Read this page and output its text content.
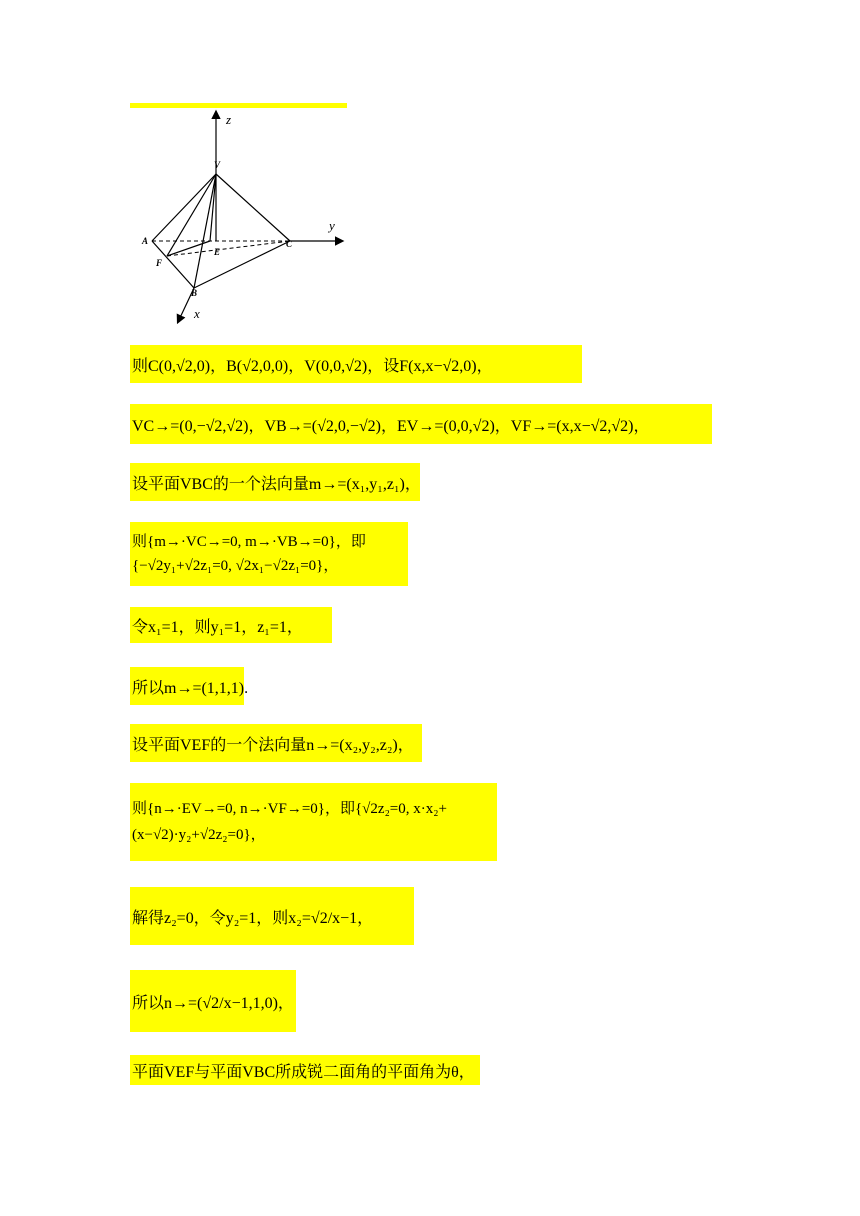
z
y
x
V
A	C
E
F
B
则C(0,√2,0)，B(√2,0,0)，V(0,0,√2)，设F(x,x−√2,0)，
VC→=(0,−√2,√2)，VB→=(√2,0,−√2)，EV→=(0,0,√2)，VF→=(x,x−√2,√2)，
设平面VBC的一个法向量m→=(x₁,y₁,z₁)，
则{m→·VC→=0, m→·VB→=0}，即{−√2y₁+√2z₁=0, √2x₁−√2z₁=0}，
令x₁=1，则y₁=1，z₁=1，
所以m→=(1,1,1).
设平面VEF的一个法向量n→=(x₂,y₂,z₂)，
则{n→·EV→=0, n→·VF→=0}，即{√2z₂=0, x·x₂+(x−√2)·y₂+√2z₂=0}，
解得z₂=0，令y₂=1，则x₂=√2/x−1，
所以n→=(√2/x−1,1,0)，
平面VEF与平面VBC所成锐二面角的平面角为θ，
